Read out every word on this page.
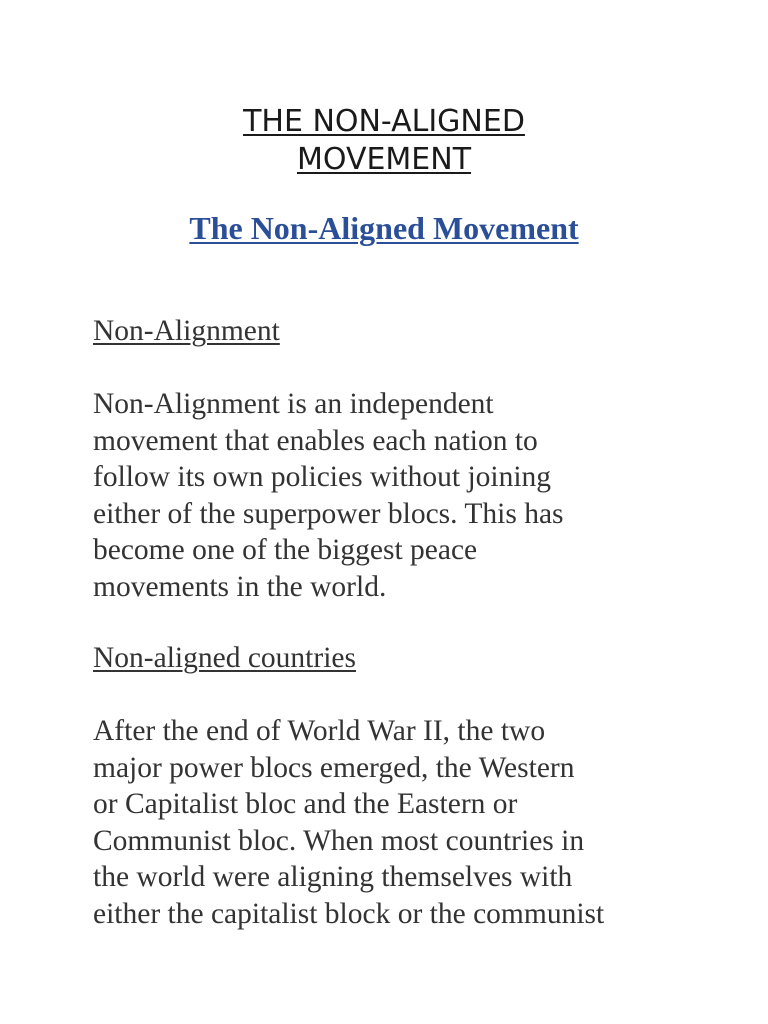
THE NON-ALIGNED
MOVEMENT
The Non-Aligned Movement

Non-Alignment

Non-Alignment is an independent
movement that enables each nation to
follow its own policies without joining
either of the superpower blocs. This has
become one of the biggest peace
movements in the world.

Non-aligned countries

After the end of World War II, the two
major power blocs emerged, the Western
or Capitalist bloc and the Eastern or
Communist bloc. When most countries in
the world were aligning themselves with
either the capitalist block or the communist
